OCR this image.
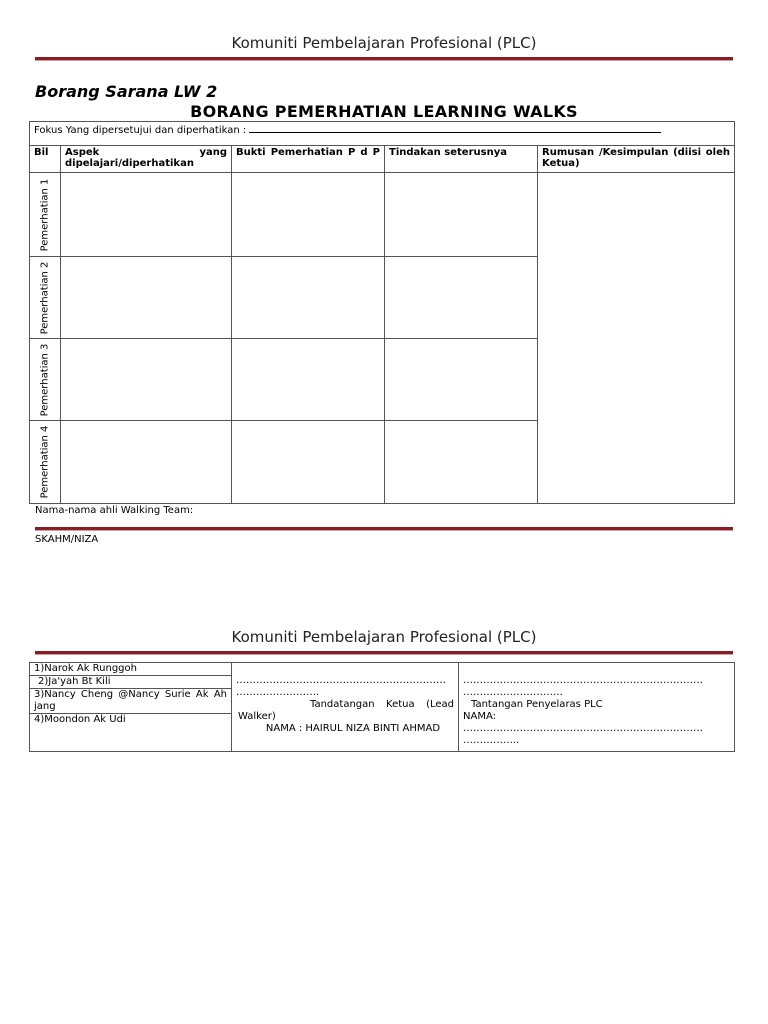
Komuniti Pembelajaran Profesional (PLC)
Borang Sarana LW 2
BORANG PEMERHATIAN LEARNING WALKS
Fokus Yang dipersetujui dan diperhatikan :				

Bil	Aspek yang dipelajari/diperhatikan	Bukti Pemerhatian P d P	Tindakan seterusnya	Rumusan /Kesimpulan (diisi oleh Ketua)

Pemerhatian 1				

Pemerhatian 2				

Pemerhatian 3				

Pemerhatian 4				

Nama-nama ahli Walking Team:
SKAHM/NIZA
Komuniti Pembelajaran Profesional (PLC)
1)Narok Ak Runggoh
2)Ja'yah Bt Kili
3)Nancy Cheng @Nancy Surie Ak Ah jang
4)Moondon Ak Udi

………………………………………………………
…………………….
Tandatangan Ketua (Lead Walker)
NAMA : HAIRUL NIZA BINTI AHMAD

………………………………………………………………
…………………………
Tantangan Penyelaras PLC
NAMA:
………………………………………………………………
……………..
